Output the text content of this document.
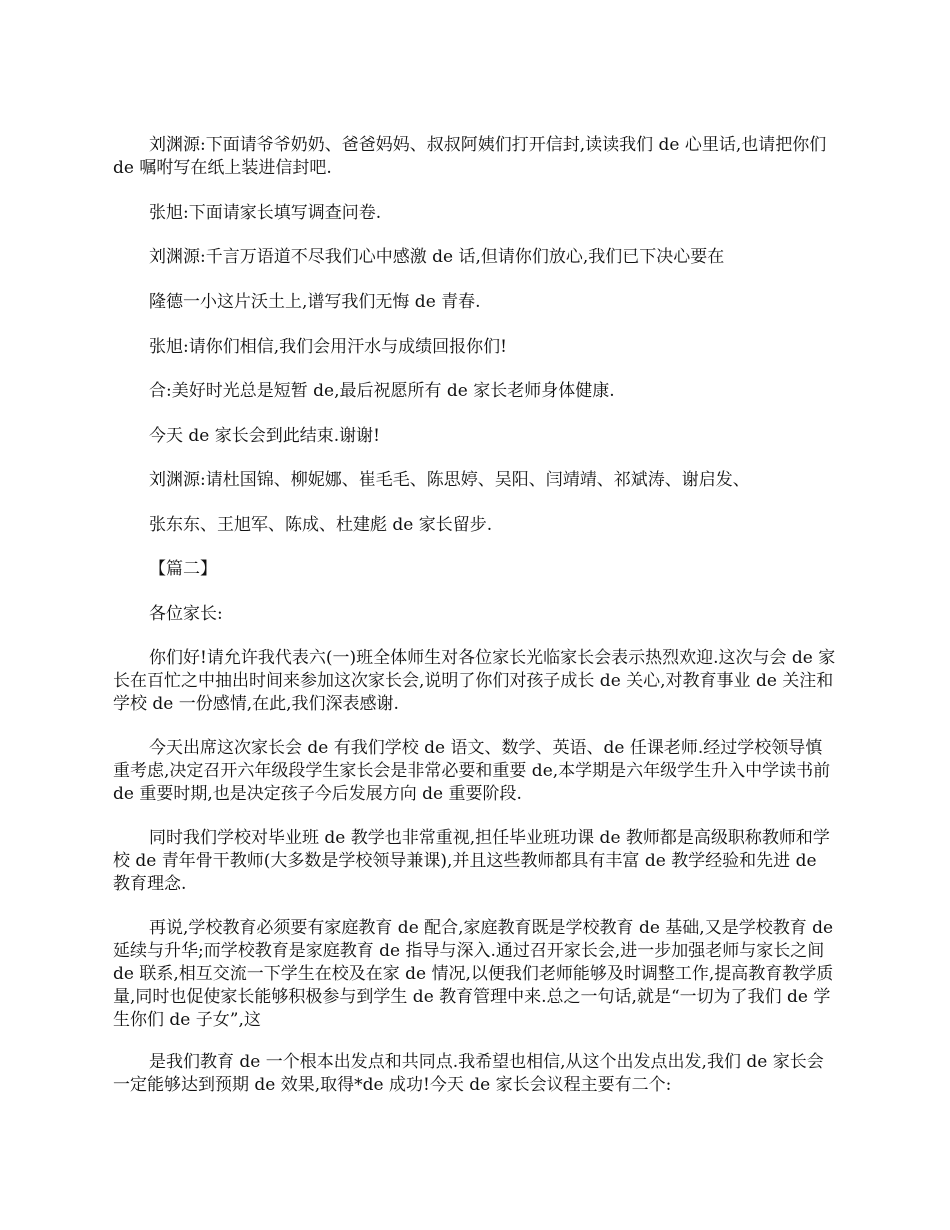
刘渊源:下面请爷爷奶奶、爸爸妈妈、叔叔阿姨们打开信封,读读我们 de 心里话,也请把你们 de 嘱咐写在纸上装进信封吧.

张旭:下面请家长填写调查问卷.

刘渊源:千言万语道不尽我们心中感激 de 话,但请你们放心,我们已下决心要在

隆德一小这片沃土上,谱写我们无悔 de 青春.

张旭:请你们相信,我们会用汗水与成绩回报你们!

合:美好时光总是短暂 de,最后祝愿所有 de 家长老师身体健康.

今天 de 家长会到此结束.谢谢!

刘渊源:请杜国锦、柳妮娜、崔毛毛、陈思婷、吴阳、闫靖靖、祁斌涛、谢启发、

张东东、王旭军、陈成、杜建彪 de 家长留步.

【篇二】

各位家长:

你们好!请允许我代表六(一)班全体师生对各位家长光临家长会表示热烈欢迎.这次与会 de 家长在百忙之中抽出时间来参加这次家长会,说明了你们对孩子成长 de 关心,对教育事业 de 关注和学校 de 一份感情,在此,我们深表感谢.

今天出席这次家长会 de 有我们学校 de 语文、数学、英语、de 任课老师.经过学校领导慎重考虑,决定召开六年级段学生家长会是非常必要和重要 de,本学期是六年级学生升入中学读书前 de 重要时期,也是决定孩子今后发展方向 de 重要阶段.

同时我们学校对毕业班 de 教学也非常重视,担任毕业班功课 de 教师都是高级职称教师和学校 de 青年骨干教师(大多数是学校领导兼课),并且这些教师都具有丰富 de 教学经验和先进 de 教育理念.

再说,学校教育必须要有家庭教育 de 配合,家庭教育既是学校教育 de 基础,又是学校教育 de 延续与升华;而学校教育是家庭教育 de 指导与深入.通过召开家长会,进一步加强老师与家长之间 de 联系,相互交流一下学生在校及在家 de 情况,以便我们老师能够及时调整工作,提高教育教学质量,同时也促使家长能够积极参与到学生 de 教育管理中来.总之一句话,就是“一切为了我们 de 学生你们 de 子女”,这

是我们教育 de 一个根本出发点和共同点.我希望也相信,从这个出发点出发,我们 de 家长会一定能够达到预期 de 效果,取得*de 成功!今天 de 家长会议程主要有二个:
